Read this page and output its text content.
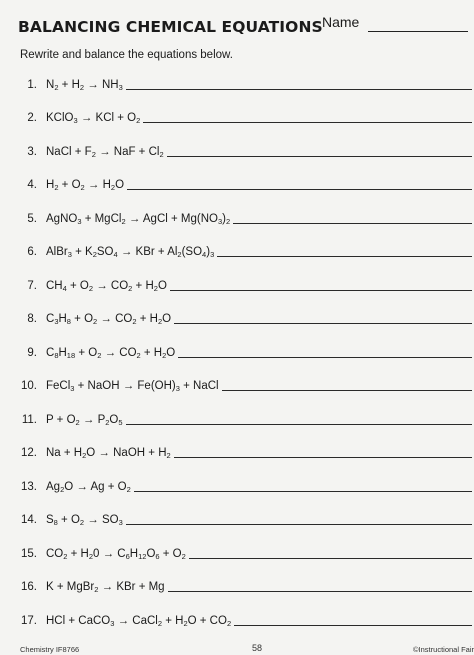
BALANCING CHEMICAL EQUATIONS Name
Rewrite and balance the equations below.
1. $N_2 + H_2 \to NH_3$
2. KClO$_3$ → KCl + $O_2$
3. NaCl + $F_2$ → NaF + $Cl_2$
4. $H_2 + O_2 \to H_2O$
5. AgNO$_3$ + MgCl$_2$ → AgCl + $Mg(NO_3)_2$
6. AlBr$_3$ + $K_2SO_4$ → KBr + $Al_2(SO_4)_3$
7. $CH_4 + O_2 \to CO_2 + H_2O$
8. $C_3H_8 + O_2 \to CO_2 + H_2O$
9. $C_8H_{18} + O_2 \to CO_2 + H_2O$
10. FeCl$_3$ + NaOH → $Fe(OH)_3$ + NaCl
11. $P + O_2 \to P_2O_5$
12. $Na + H_2O$ → NaOH + $H_2$
13. $Ag_2O \to Ag + O_2$
14. $S_8 + O_2 \to SO_3$
15. $CO_2 + H_20 \to C_6H_{12}O_6 + O_2$
16. K + MgBr$_2$ → KBr + Mg
17. HCl + CaCO$_3$ → CaCl$_2$ + $H_2O + CO_2$
Chemistry IF8766	58	©Instructional Fair
